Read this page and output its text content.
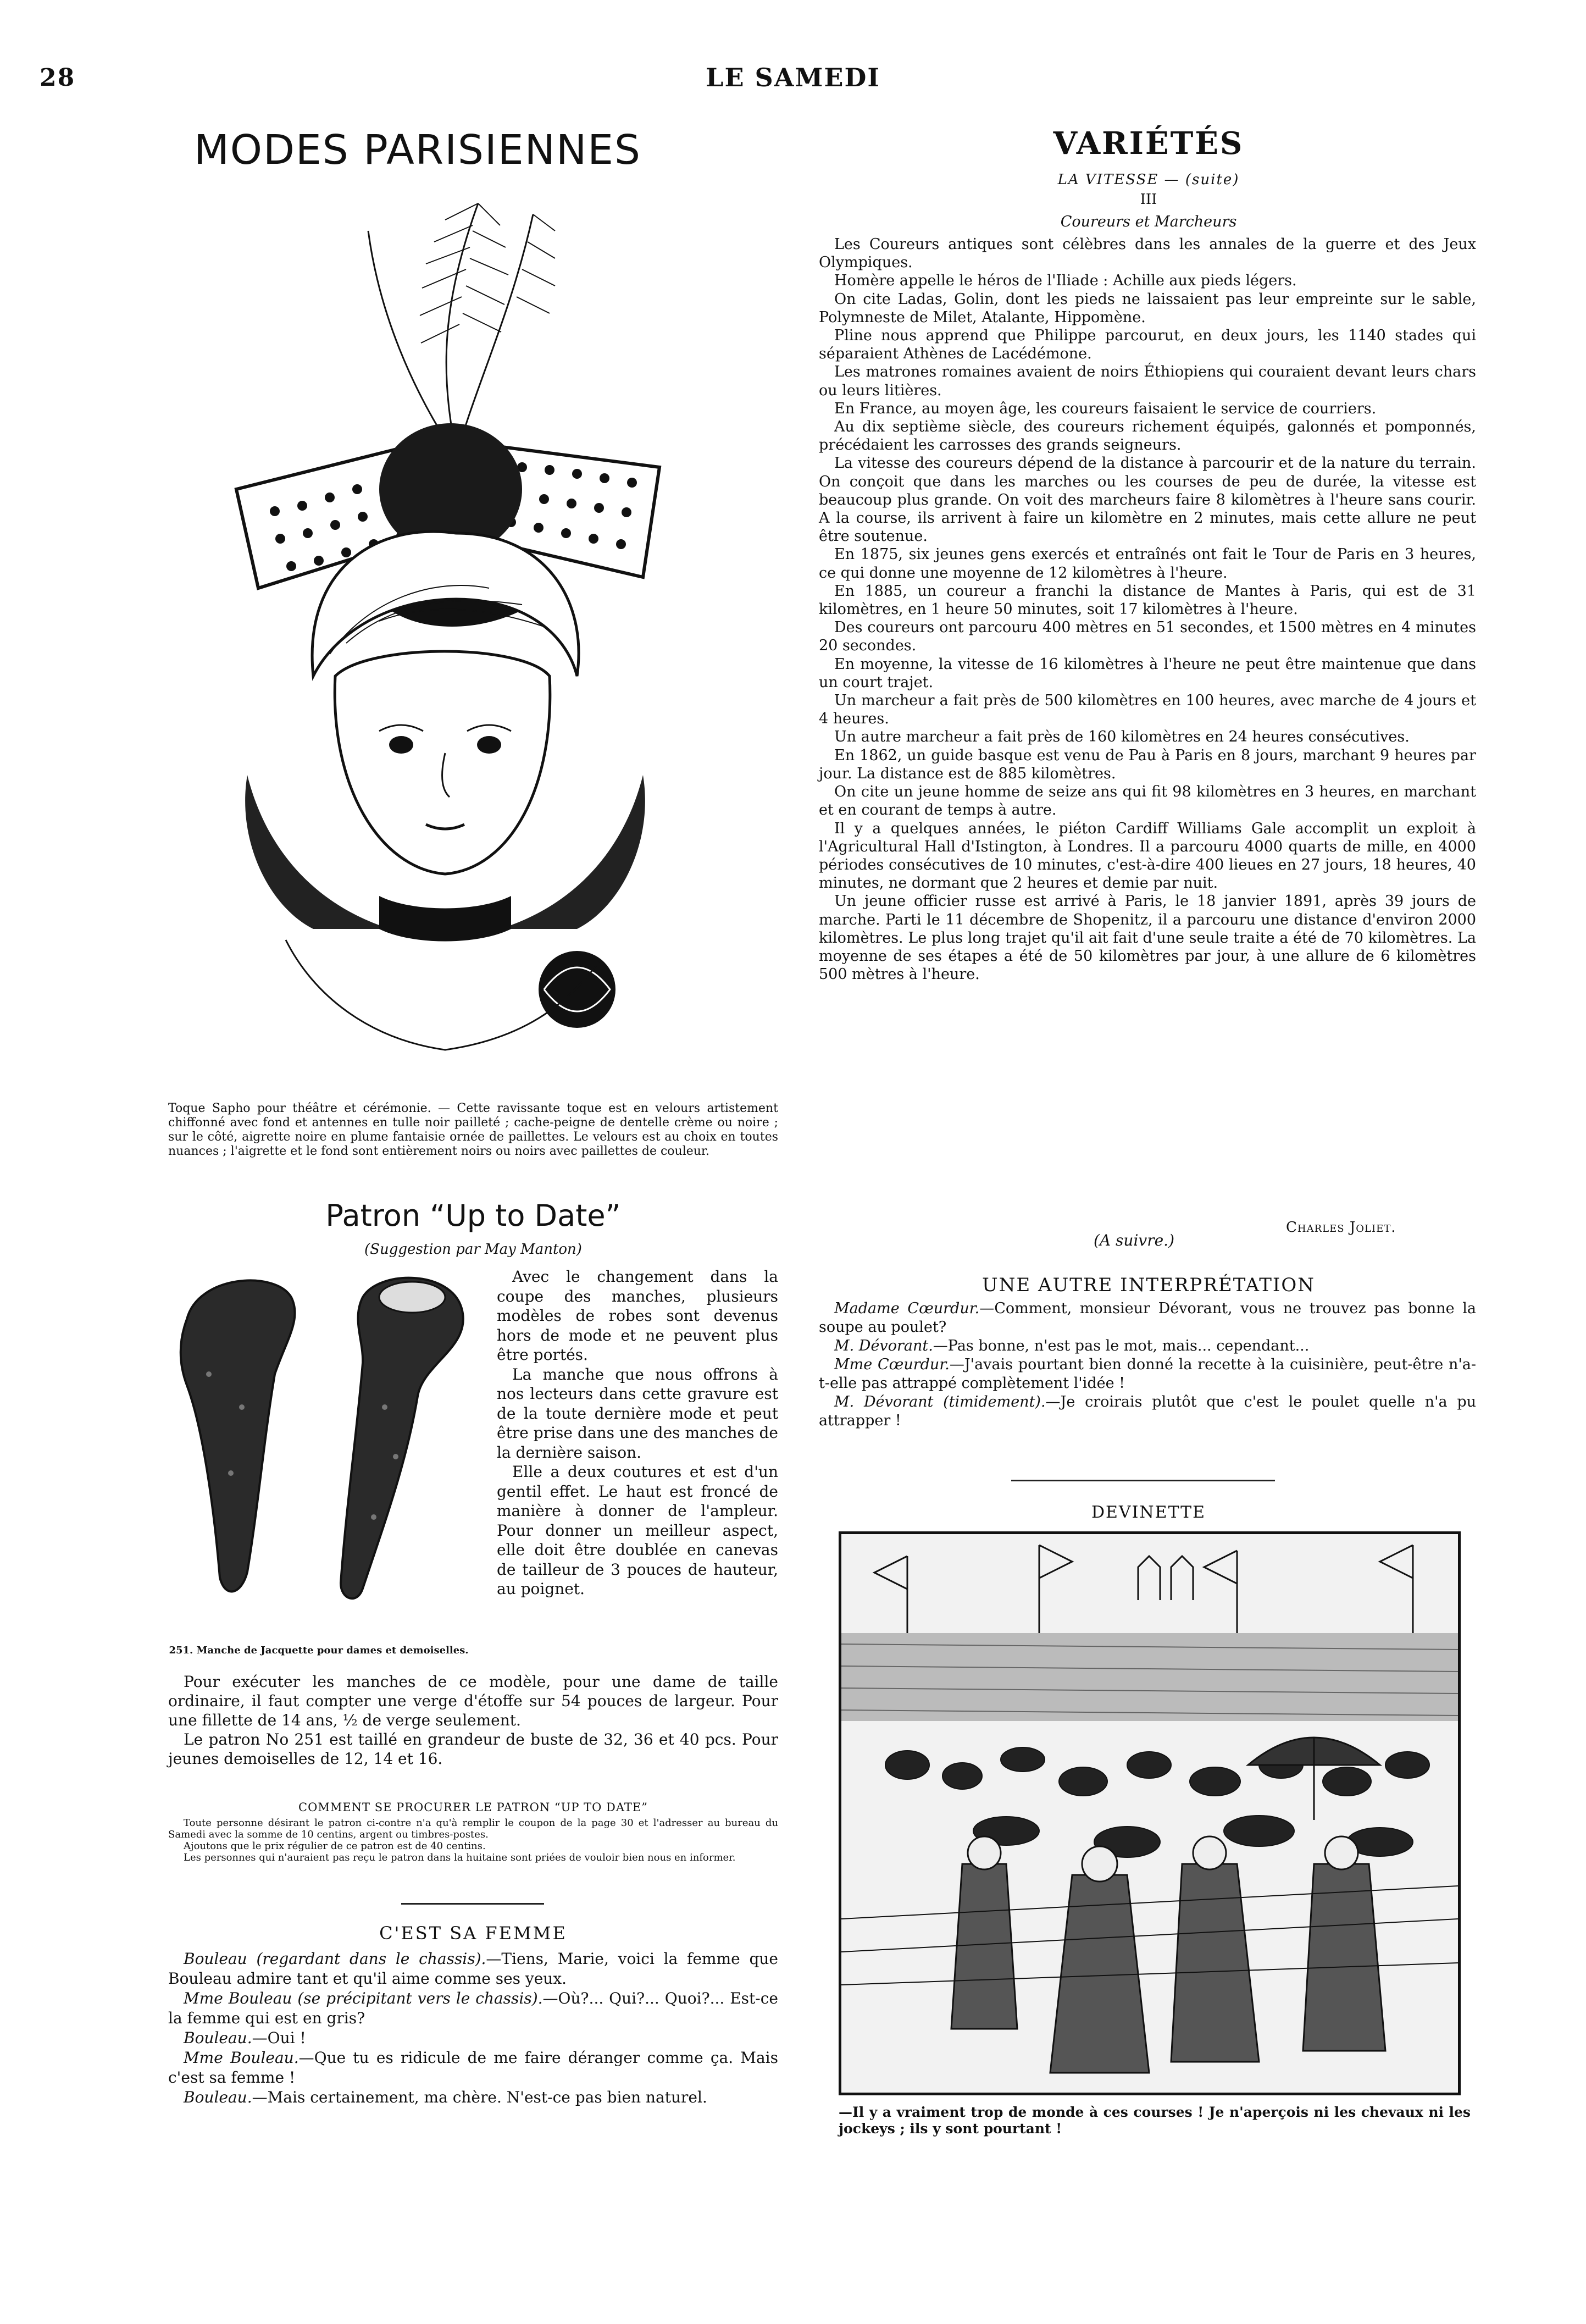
28	LE SAMEDI
MODES PARISIENNES
Toque Sapho pour théâtre et cérémonie. — Cette ravissante toque est en velours artistement chiffonné avec fond et antennes en tulle noir pailleté ; cache-peigne de dentelle crème ou noire ; sur le côté, aigrette noire en plume fantaisie ornée de paillettes. Le velours est au choix en toutes nuances ; l'aigrette et le fond sont entièrement noirs ou noirs avec paillettes de couleur.
Patron “Up to Date”
(Suggestion par May Manton)
251. Manche de Jacquette pour dames et demoiselles.

Avec le changement dans la coupe des manches, plusieurs modèles de robes sont devenus hors de mode et ne peuvent plus être portés.

La manche que nous offrons à nos lecteurs dans cette gravure est de la toute dernière mode et peut être prise dans une des manches de la dernière saison.

Elle a deux coutures et est d'un gentil effet. Le haut est froncé de manière à donner de l'ampleur. Pour donner un meilleur aspect, elle doit être doublée en canevas de tailleur de 3 pouces de hauteur, au poignet.

Pour exécuter les manches de ce modèle, pour une dame de taille ordinaire, il faut compter une verge d'étoffe sur 54 pouces de largeur. Pour une fillette de 14 ans, ½ de verge seulement.

Le patron No 251 est taillé en grandeur de buste de 32, 36 et 40 pcs. Pour jeunes demoiselles de 12, 14 et 16.

COMMENT SE PROCURER LE PATRON “UP TO DATE”

Toute personne désirant le patron ci-contre n'a qu'à remplir le coupon de la page 30 et l'adresser au bureau du Samedi avec la somme de 10 centins, argent ou timbres-postes.

Ajoutons que le prix régulier de ce patron est de 40 centins.

Les personnes qui n'auraient pas reçu le patron dans la huitaine sont priées de vouloir bien nous en informer.

C'EST SA FEMME

Bouleau (regardant dans le chassis).—Tiens, Marie, voici la femme que Bouleau admire tant et qu'il aime comme ses yeux.

Mme Bouleau (se précipitant vers le chassis).—Où?... Qui?... Quoi?... Est-ce la femme qui est en gris?

Bouleau.—Oui !

Mme Bouleau.—Que tu es ridicule de me faire déranger comme ça. Mais c'est sa femme !

Bouleau.—Mais certainement, ma chère. N'est-ce pas bien naturel.

VARIÉTÉS
LA VITESSE — (suite)
III
Coureurs et Marcheurs

Les Coureurs antiques sont célèbres dans les annales de la guerre et des Jeux Olympiques.

Homère appelle le héros de l'Iliade : Achille aux pieds légers.

On cite Ladas, Golin, dont les pieds ne laissaient pas leur empreinte sur le sable, Polymneste de Milet, Atalante, Hippomène.

Pline nous apprend que Philippe parcourut, en deux jours, les 1140 stades qui séparaient Athènes de Lacédémone.

Les matrones romaines avaient de noirs Éthiopiens qui couraient devant leurs chars ou leurs litières.

En France, au moyen âge, les coureurs faisaient le service de courriers.

Au dix septième siècle, des coureurs richement équipés, galonnés et pomponnés, précédaient les carrosses des grands seigneurs.

La vitesse des coureurs dépend de la distance à parcourir et de la nature du terrain. On conçoit que dans les marches ou les courses de peu de durée, la vitesse est beaucoup plus grande. On voit des marcheurs faire 8 kilomètres à l'heure sans courir. A la course, ils arrivent à faire un kilomètre en 2 minutes, mais cette allure ne peut être soutenue.

En 1875, six jeunes gens exercés et entraînés ont fait le Tour de Paris en 3 heures, ce qui donne une moyenne de 12 kilomètres à l'heure.

En 1885, un coureur a franchi la distance de Mantes à Paris, qui est de 31 kilomètres, en 1 heure 50 minutes, soit 17 kilomètres à l'heure.

Des coureurs ont parcouru 400 mètres en 51 secondes, et 1500 mètres en 4 minutes 20 secondes.

En moyenne, la vitesse de 16 kilomètres à l'heure ne peut être maintenue que dans un court trajet.

Un marcheur a fait près de 500 kilomètres en 100 heures, avec marche de 4 jours et 4 heures.

Un autre marcheur a fait près de 160 kilomètres en 24 heures consécutives.

En 1862, un guide basque est venu de Pau à Paris en 8 jours, marchant 9 heures par jour. La distance est de 885 kilomètres.

On cite un jeune homme de seize ans qui fit 98 kilomètres en 3 heures, en marchant et en courant de temps à autre.

Il y a quelques années, le piéton Cardiff Williams Gale accomplit un exploit à l'Agricultural Hall d'Istington, à Londres. Il a parcouru 4000 quarts de mille, en 4000 périodes consécutives de 10 minutes, c'est-à-dire 400 lieues en 27 jours, 18 heures, 40 minutes, ne dormant que 2 heures et demie par nuit.

Un jeune officier russe est arrivé à Paris, le 18 janvier 1891, après 39 jours de marche. Parti le 11 décembre de Shopenitz, il a parcouru une distance d'environ 2000 kilomètres. Le plus long trajet qu'il ait fait d'une seule traite a été de 70 kilomètres. La moyenne de ses étapes a été de 50 kilomètres par jour, à une allure de 6 kilomètres 500 mètres à l'heure.

(A suivre.)
Charles Joliet.
UNE AUTRE INTERPRÉTATION

Madame Cœurdur.—Comment, monsieur Dévorant, vous ne trouvez pas bonne la soupe au poulet?

M. Dévorant.—Pas bonne, n'est pas le mot, mais... cependant...

Mme Cœurdur.—J'avais pourtant bien donné la recette à la cuisinière, peut-être n'a-t-elle pas attrappé complètement l'idée !

M. Dévorant (timidement).—Je croirais plutôt que c'est le poulet quelle n'a pu attrapper !

DEVINETTE
—Il y a vraiment trop de monde à ces courses ! Je n'aperçois ni les chevaux ni les jockeys ; ils y sont pourtant !
